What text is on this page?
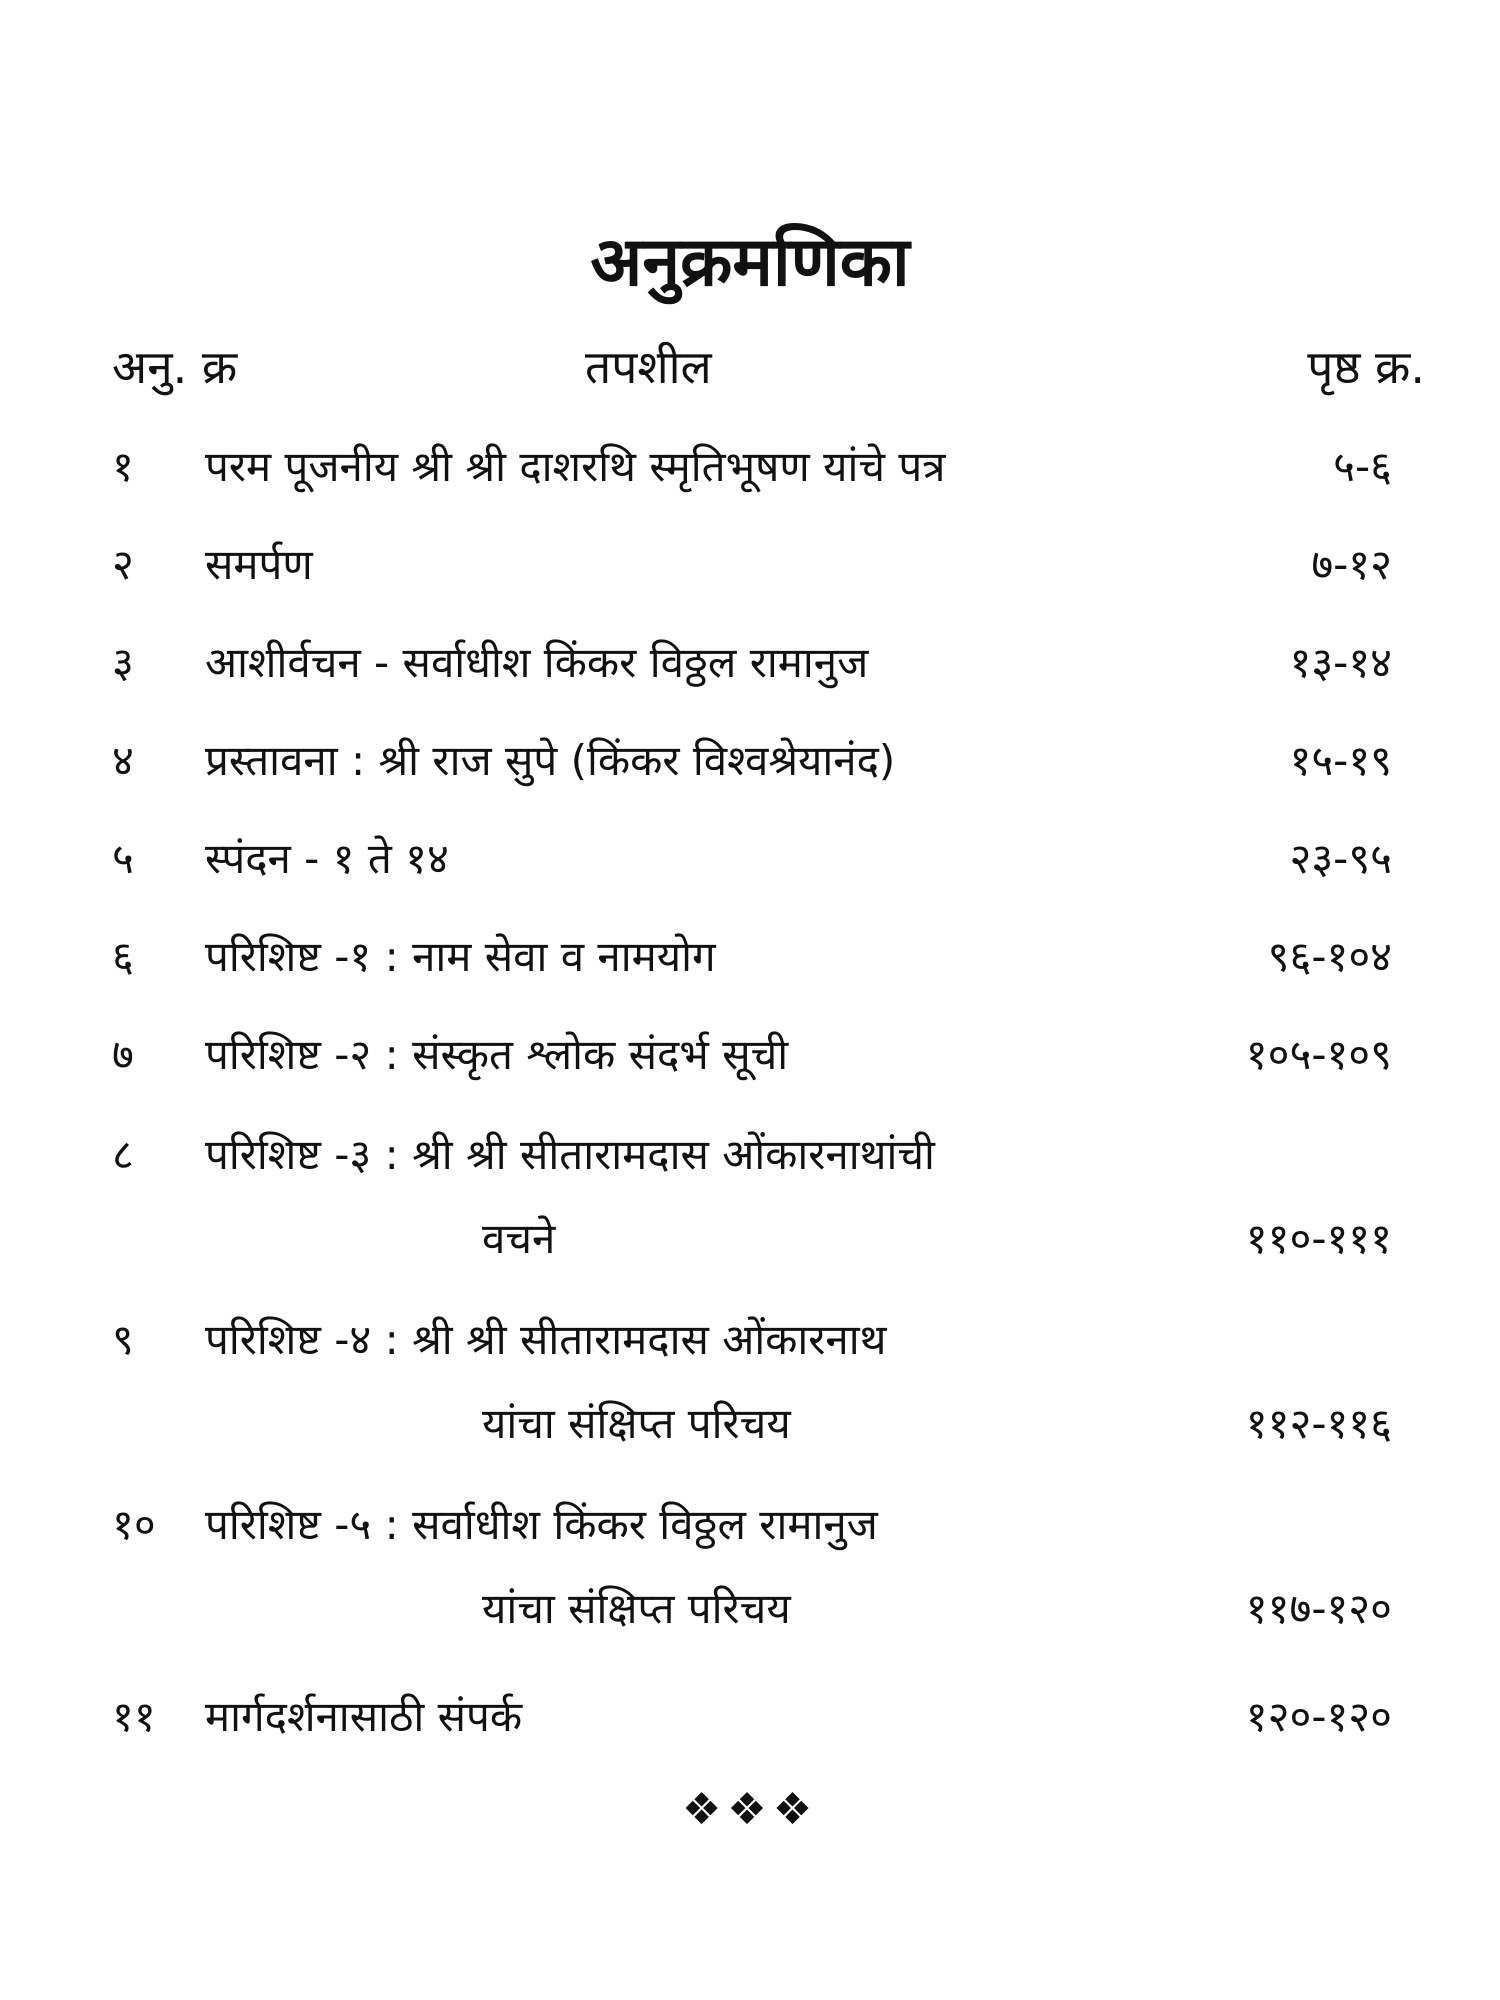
अनुक्रमणिका
अनु. क्र	तपशील	पृष्ठ क्र.
१ परम पूजनीय श्री श्री दाशरथि स्मृतिभूषण यांचे पत्र	५-६
२ समर्पण	७-१२
३ आशीर्वचन - सर्वाधीश किंकर विठ्ठल रामानुज	१३-१४
४ प्रस्तावना : श्री राज सुपे (किंकर विश्वश्रेयानंद)	१५-१९
५ स्पंदन - १ ते १४	२३-९५
६ परिशिष्ट -१ : नाम सेवा व नामयोग	९६-१०४
७ परिशिष्ट -२ : संस्कृत श्लोक संदर्भ सूची	१०५-१०९
८ परिशिष्ट -३ : श्री श्री सीतारामदास ओंकारनाथांची
वचने	११०-१११
९ परिशिष्ट -४ : श्री श्री सीतारामदास ओंकारनाथ
यांचा संक्षिप्त परिचय	११२-११६
१० परिशिष्ट -५ : सर्वाधीश किंकर विठ्ठल रामानुज
यांचा संक्षिप्त परिचय	११७-१२०
११ मार्गदर्शनासाठी संपर्क	१२०-१२०
❖❖❖
